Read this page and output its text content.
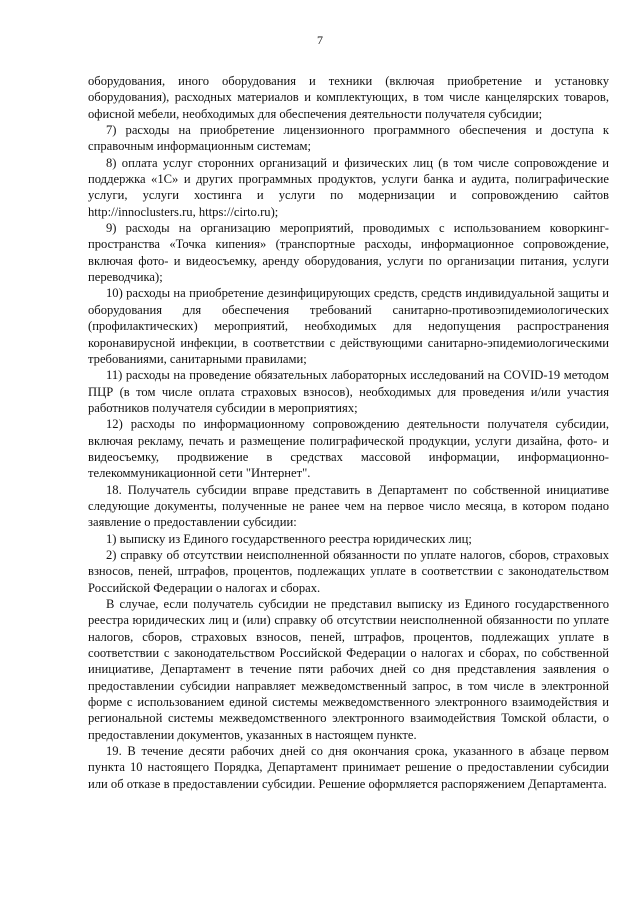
7

оборудования, иного оборудования и техники (включая приобретение и установку оборудования), расходных материалов и комплектующих, в том числе канцелярских товаров, офисной мебели, необходимых для обеспечения деятельности получателя субсидии;

7) расходы на приобретение лицензионного программного обеспечения и доступа к справочным информационным системам;

8) оплата услуг сторонних организаций и физических лиц (в том числе сопровождение и поддержка «1С» и других программных продуктов, услуги банка и аудита, полиграфические услуги, услуги хостинга и услуги по модернизации и сопровождению сайтов http://innoclusters.ru, https://cirto.ru);

9) расходы на организацию мероприятий, проводимых с использованием коворкинг-пространства «Точка кипения» (транспортные расходы, информационное сопровождение, включая фото- и видеосъемку, аренду оборудования, услуги по организации питания, услуги переводчика);

10) расходы на приобретение дезинфицирующих средств, средств индивидуальной защиты и оборудования для обеспечения требований санитарно-противоэпидемиологических (профилактических) мероприятий, необходимых для недопущения распространения коронавирусной инфекции, в соответствии с действующими санитарно-эпидемиологическими требованиями, санитарными правилами;

11) расходы на проведение обязательных лабораторных исследований на COVID-19 методом ПЦР (в том числе оплата страховых взносов), необходимых для проведения и/или участия работников получателя субсидии в мероприятиях;

12) расходы по информационному сопровождению деятельности получателя субсидии, включая рекламу, печать и размещение полиграфической продукции, услуги дизайна, фото- и видеосъемку, продвижение в средствах массовой информации, информационно-телекоммуникационной сети "Интернет".

18. Получатель субсидии вправе представить в Департамент по собственной инициативе следующие документы, полученные не ранее чем на первое число месяца, в котором подано заявление о предоставлении субсидии:

1) выписку из Единого государственного реестра юридических лиц;

2) справку об отсутствии неисполненной обязанности по уплате налогов, сборов, страховых взносов, пеней, штрафов, процентов, подлежащих уплате в соответствии с законодательством Российской Федерации о налогах и сборах.

В случае, если получатель субсидии не представил выписку из Единого государственного реестра юридических лиц и (или) справку об отсутствии неисполненной обязанности по уплате налогов, сборов, страховых взносов, пеней, штрафов, процентов, подлежащих уплате в соответствии с законодательством Российской Федерации о налогах и сборах, по собственной инициативе, Департамент в течение пяти рабочих дней со дня представления заявления о предоставлении субсидии направляет межведомственный запрос, в том числе в электронной форме с использованием единой системы межведомственного электронного взаимодействия и региональной системы межведомственного электронного взаимодействия Томской области, о предоставлении документов, указанных в настоящем пункте.

19. В течение десяти рабочих дней со дня окончания срока, указанного в абзаце первом пункта 10 настоящего Порядка, Департамент принимает решение о предоставлении субсидии или об отказе в предоставлении субсидии. Решение оформляется распоряжением Департамента.
